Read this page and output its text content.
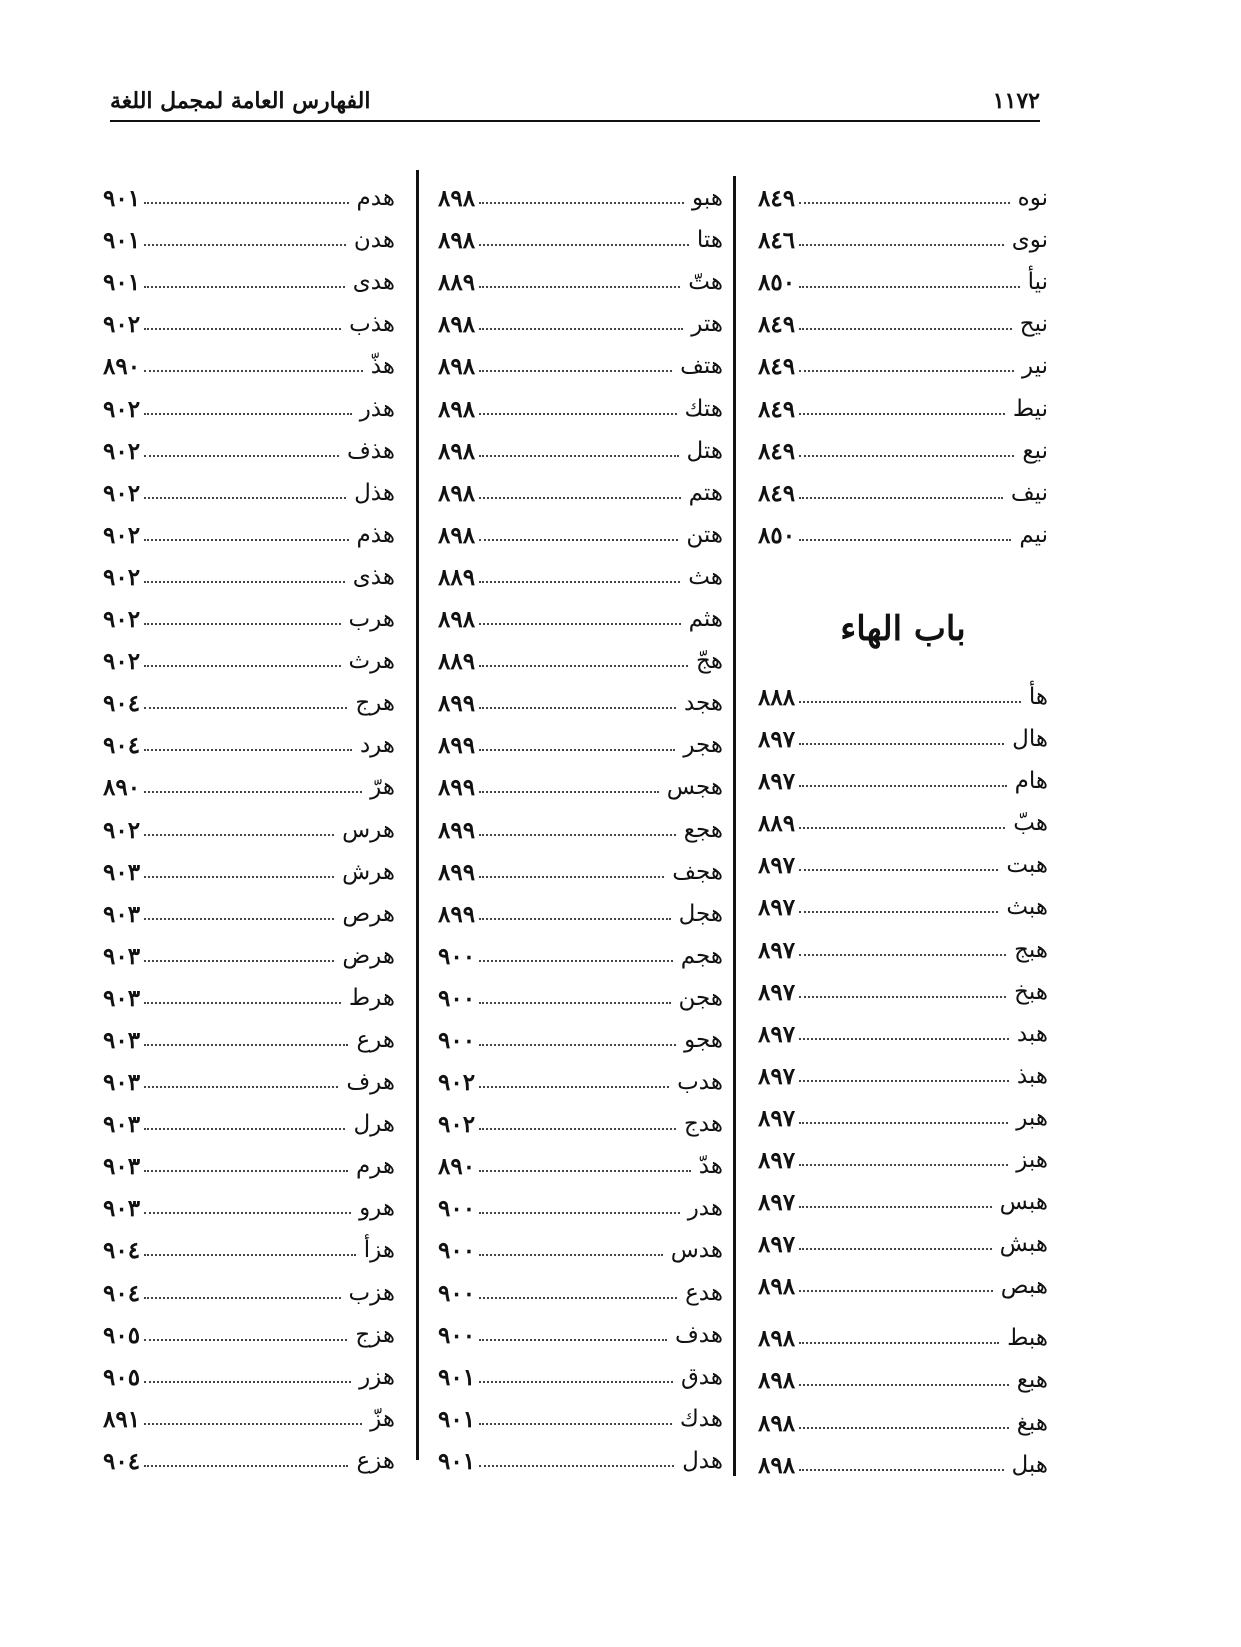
١١٧٢
الفهارس العامة لمجمل اللغة
نوه
٨٤٩
نوى
٨٤٦
نيأ
٨٥٠
نيح
٨٤٩
نير
٨٤٩
نيط
٨٤٩
نيع
٨٤٩
نيف
٨٤٩
نيم
٨٥٠
باب الهاء
هأ
٨٨٨
هال
٨٩٧
هام
٨٩٧
هبّ
٨٨٩
هبت
٨٩٧
هبث
٨٩٧
هبج
٨٩٧
هبخ
٨٩٧
هبد
٨٩٧
هبذ
٨٩٧
هبر
٨٩٧
هبز
٨٩٧
هبس
٨٩٧
هبش
٨٩٧
هبص
٨٩٨
هبط
٨٩٨
هبع
٨٩٨
هبغ
٨٩٨
هبل
٨٩٨
هبو
٨٩٨
هتا
٨٩٨
هتّ
٨٨٩
هتر
٨٩٨
هتف
٨٩٨
هتك
٨٩٨
هتل
٨٩٨
هتم
٨٩٨
هتن
٨٩٨
هث
٨٨٩
هثم
٨٩٨
هجّ
٨٨٩
هجد
٨٩٩
هجر
٨٩٩
هجس
٨٩٩
هجع
٨٩٩
هجف
٨٩٩
هجل
٨٩٩
هجم
٩٠٠
هجن
٩٠٠
هجو
٩٠٠
هدب
٩٠٢
هدج
٩٠٢
هدّ
٨٩٠
هدر
٩٠٠
هدس
٩٠٠
هدع
٩٠٠
هدف
٩٠٠
هدق
٩٠١
هدك
٩٠١
هدل
٩٠١
هدم
٩٠١
هدن
٩٠١
هدى
٩٠١
هذب
٩٠٢
هذّ
٨٩٠
هذر
٩٠٢
هذف
٩٠٢
هذل
٩٠٢
هذم
٩٠٢
هذى
٩٠٢
هرب
٩٠٢
هرث
٩٠٢
هرج
٩٠٤
هرد
٩٠٤
هرّ
٨٩٠
هرس
٩٠٢
هرش
٩٠٣
هرص
٩٠٣
هرض
٩٠٣
هرط
٩٠٣
هرع
٩٠٣
هرف
٩٠٣
هرل
٩٠٣
هرم
٩٠٣
هرو
٩٠٣
هزأ
٩٠٤
هزب
٩٠٤
هزج
٩٠٥
هزر
٩٠٥
هزّ
٨٩١
هزع
٩٠٤
